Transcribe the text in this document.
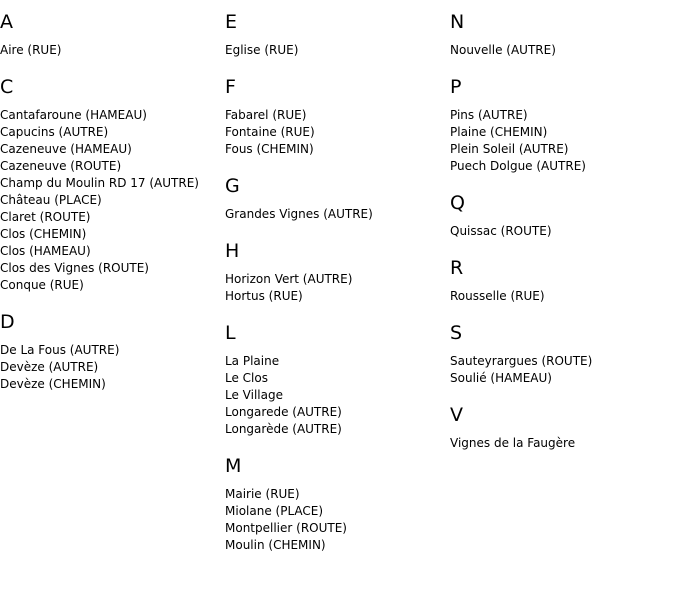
A
Aire (RUE)
C
Cantafaroune (HAMEAU)
Capucins (AUTRE)
Cazeneuve (HAMEAU)
Cazeneuve (ROUTE)
Champ du Moulin RD 17 (AUTRE)
Château (PLACE)
Claret (ROUTE)
Clos (CHEMIN)
Clos (HAMEAU)
Clos des Vignes (ROUTE)
Conque (RUE)
D
De La Fous (AUTRE)
Devèze (AUTRE)
Devèze (CHEMIN)
E
Eglise (RUE)
F
Fabarel (RUE)
Fontaine (RUE)
Fous (CHEMIN)
G
Grandes Vignes (AUTRE)
H
Horizon Vert (AUTRE)
Hortus (RUE)
L
La Plaine
Le Clos
Le Village
Longarede (AUTRE)
Longarède (AUTRE)
M
Mairie (RUE)
Miolane (PLACE)
Montpellier (ROUTE)
Moulin (CHEMIN)
N
Nouvelle (AUTRE)
P
Pins (AUTRE)
Plaine (CHEMIN)
Plein Soleil (AUTRE)
Puech Dolgue (AUTRE)
Q
Quissac (ROUTE)
R
Rousselle (RUE)
S
Sauteyrargues (ROUTE)
Soulié (HAMEAU)
V
Vignes de la Faugère
